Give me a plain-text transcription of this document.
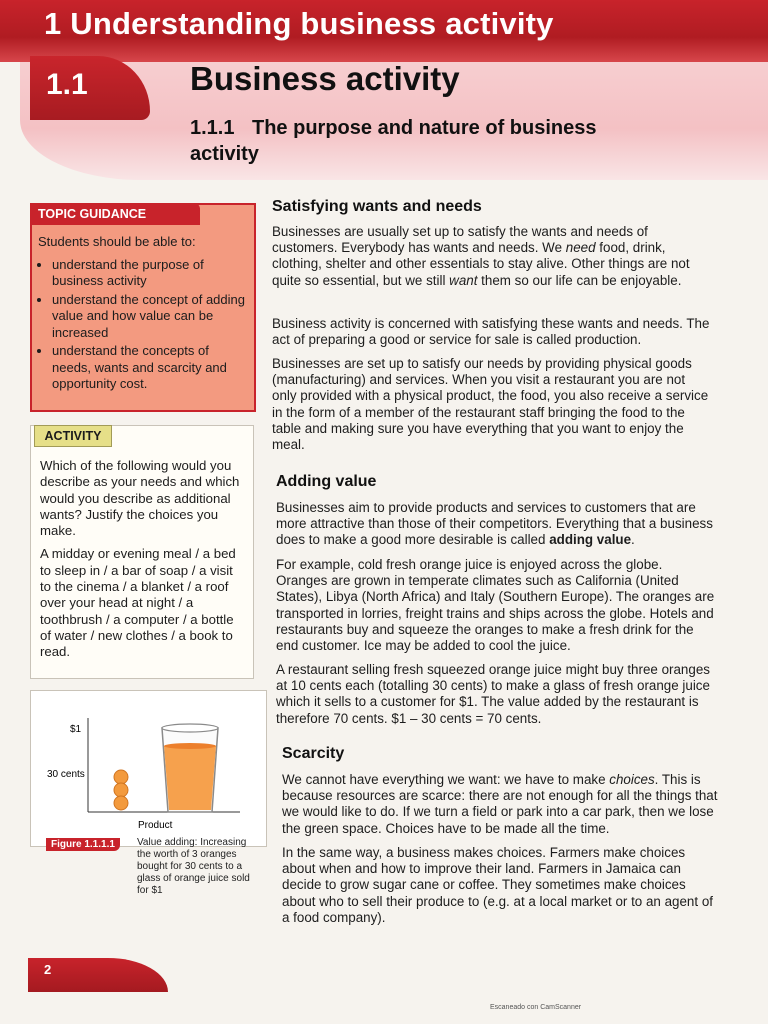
1 Understanding business activity
1.1	Business activity
1.1.1 The purpose and nature of business activity
TOPIC GUIDANCE
Students should be able to:
• understand the purpose of business activity
• understand the concept of adding value and how value can be increased
• understand the concepts of needs, wants and scarcity and opportunity cost.
ACTIVITY

Which of the following would you describe as your needs and which would you describe as additional wants? Justify the choices you make.

A midday or evening meal / a bed to sleep in / a bar of soap / a visit to the cinema / a blanket / a roof over your head at night / a toothbrush / a computer / a bottle of water / new clothes / a book to read.

$1
30 cents
Product
Figure 1.1.1.1	Value adding: Increasing the worth of 3 oranges bought for 30 cents to a glass of orange juice sold for $1
Satisfying wants and needs

Businesses are usually set up to satisfy the wants and needs of customers. Everybody has wants and needs. We need food, drink, clothing, shelter and other essentials to stay alive. Other things are not quite so essential, but we still want them so our life can be enjoyable.

Business activity is concerned with satisfying these wants and needs. The act of preparing a good or service for sale is called production.

Businesses are set up to satisfy our needs by providing physical goods (manufacturing) and services. When you visit a restaurant you are not only provided with a physical product, the food, you also receive a service in the form of a member of the restaurant staff bringing the food to the table and making sure you have everything that you want to enjoy the meal.

Adding value

Businesses aim to provide products and services to customers that are more attractive than those of their competitors. Everything that a business does to make a good more desirable is called adding value.

For example, cold fresh orange juice is enjoyed across the globe. Oranges are grown in temperate climates such as California (United States), Libya (North Africa) and Italy (Southern Europe). The oranges are transported in lorries, freight trains and ships across the globe. Hotels and restaurants buy and squeeze the oranges to make a fresh drink for the end customer. Ice may be added to cool the juice.

A restaurant selling fresh squeezed orange juice might buy three oranges at 10 cents each (totalling 30 cents) to make a glass of fresh orange juice which it sells to a customer for $1. The value added by the restaurant is therefore 70 cents. $1 – 30 cents = 70 cents.

Scarcity

We cannot have everything we want: we have to make choices. This is because resources are scarce: there are not enough for all the things that we would like to do. If we turn a field or park into a car park, then we lose the green space. Choices have to be made all the time.

In the same way, a business makes choices. Farmers make choices about when and how to improve their land. Farmers in Jamaica can decide to grow sugar cane or coffee. They sometimes make choices about who to sell their produce to (e.g. at a local market or to an agent of a food company).

2
Escaneado con CamScanner
